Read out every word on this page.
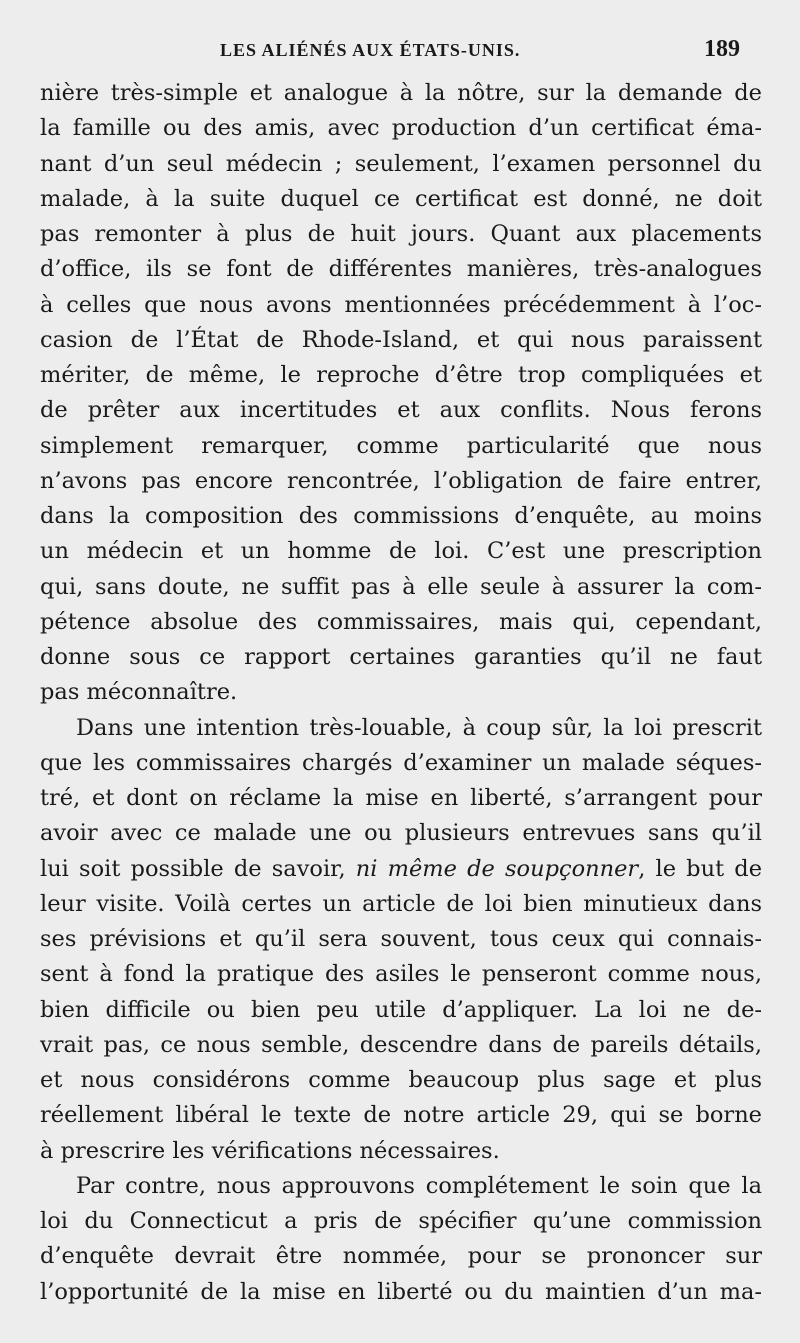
LES ALIÉNÉS AUX ÉTATS-UNIS.	189
nière très-simple et analogue à la nôtre, sur la demande de
la famille ou des amis, avec production d’un certificat éma-
nant d’un seul médecin ; seulement, l’examen personnel du
malade, à la suite duquel ce certificat est donné, ne doit
pas remonter à plus de huit jours. Quant aux placements
d’office, ils se font de différentes manières, très-analogues
à celles que nous avons mentionnées précédemment à l’oc-
casion de l’État de Rhode-Island, et qui nous paraissent
mériter, de même, le reproche d’être trop compliquées et
de prêter aux incertitudes et aux conflits. Nous ferons
simplement remarquer, comme particularité que nous
n’avons pas encore rencontrée, l’obligation de faire entrer,
dans la composition des commissions d’enquête, au moins
un médecin et un homme de loi. C’est une prescription
qui, sans doute, ne suffit pas à elle seule à assurer la com-
pétence absolue des commissaires, mais qui, cependant,
donne sous ce rapport certaines garanties qu’il ne faut
pas méconnaître.
Dans une intention très-louable, à coup sûr, la loi prescrit
que les commissaires chargés d’examiner un malade séques-
tré, et dont on réclame la mise en liberté, s’arrangent pour
avoir avec ce malade une ou plusieurs entrevues sans qu’il
lui soit possible de savoir, ni même de soupçonner, le but de
leur visite. Voilà certes un article de loi bien minutieux dans
ses prévisions et qu’il sera souvent, tous ceux qui connais-
sent à fond la pratique des asiles le penseront comme nous,
bien difficile ou bien peu utile d’appliquer. La loi ne de-
vrait pas, ce nous semble, descendre dans de pareils détails,
et nous considérons comme beaucoup plus sage et plus
réellement libéral le texte de notre article 29, qui se borne
à prescrire les vérifications nécessaires.
Par contre, nous approuvons complétement le soin que la
loi du Connecticut a pris de spécifier qu’une commission
d’enquête devrait être nommée, pour se prononcer sur
l’opportunité de la mise en liberté ou du maintien d’un ma-
